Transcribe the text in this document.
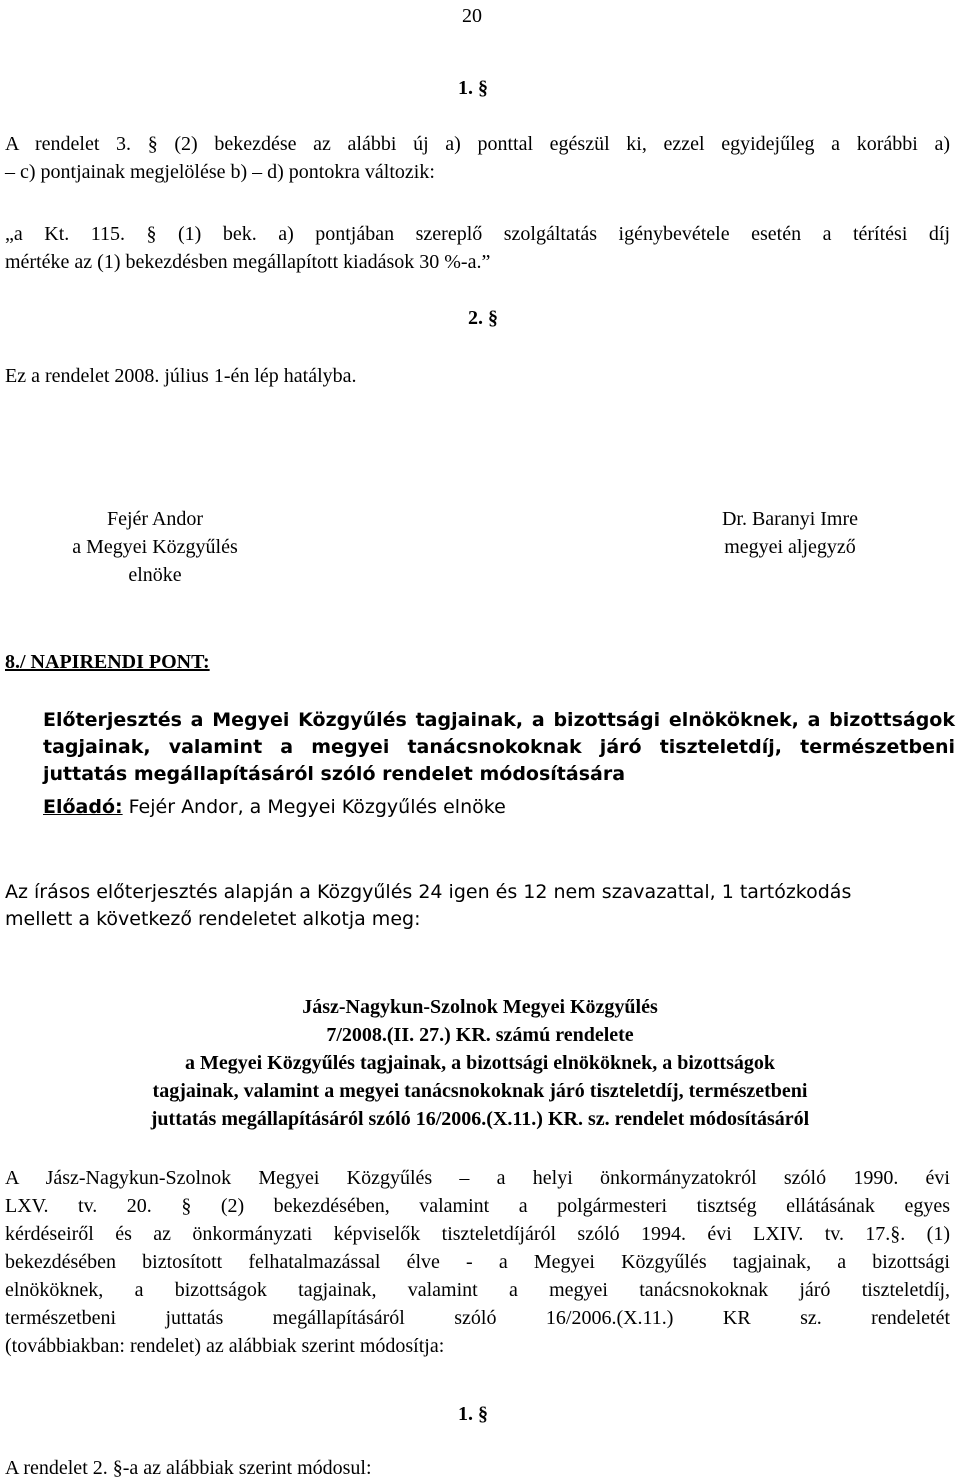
20
1. §
A rendelet 3. § (2) bekezdése az alábbi új a) ponttal egészül ki, ezzel egyidejűleg a korábbi a)
– c) pontjainak megjelölése b) – d) pontokra változik:
„a Kt. 115. § (1) bek. a) pontjában szereplő szolgáltatás igénybevétele esetén a térítési díj
mértéke az (1) bekezdésben megállapított kiadások 30 %-a.”
2. §
Ez a rendelet 2008. július 1-én lép hatályba.
Fejér Andor
a Megyei Közgyűlés
elnöke
Dr. Baranyi Imre
megyei aljegyző
8./ NAPIRENDI PONT:
Előterjesztés a Megyei Közgyűlés tagjainak, a bizottsági elnököknek, a bizottságok
tagjainak, valamint a megyei tanácsnokoknak járó tiszteletdíj, természetbeni
juttatás megállapításáról szóló rendelet módosítására
Előadó: Fejér Andor, a Megyei Közgyűlés elnöke
Az írásos előterjesztés alapján a Közgyűlés 24 igen és 12 nem szavazattal, 1 tartózkodás
mellett a következő rendeletet alkotja meg:
Jász-Nagykun-Szolnok Megyei Közgyűlés
7/2008.(II. 27.) KR. számú rendelete
a Megyei Közgyűlés tagjainak, a bizottsági elnököknek, a bizottságok
tagjainak, valamint a megyei tanácsnokoknak járó tiszteletdíj, természetbeni
juttatás megállapításáról szóló 16/2006.(X.11.) KR. sz. rendelet módosításáról
A Jász-Nagykun-Szolnok Megyei Közgyűlés – a helyi önkormányzatokról szóló 1990. évi
LXV. tv. 20. § (2) bekezdésében, valamint a polgármesteri tisztség ellátásának egyes
kérdéseiről és az önkormányzati képviselők tiszteletdíjáról szóló 1994. évi LXIV. tv. 17.§. (1)
bekezdésében biztosított felhatalmazással élve - a Megyei Közgyűlés tagjainak, a bizottsági
elnököknek, a bizottságok tagjainak, valamint a megyei tanácsnokoknak járó tiszteletdíj,
természetbeni juttatás megállapításáról szóló 16/2006.(X.11.) KR sz. rendeletét
(továbbiakban: rendelet) az alábbiak szerint módosítja:
1. §
A rendelet 2. §-a az alábbiak szerint módosul:
